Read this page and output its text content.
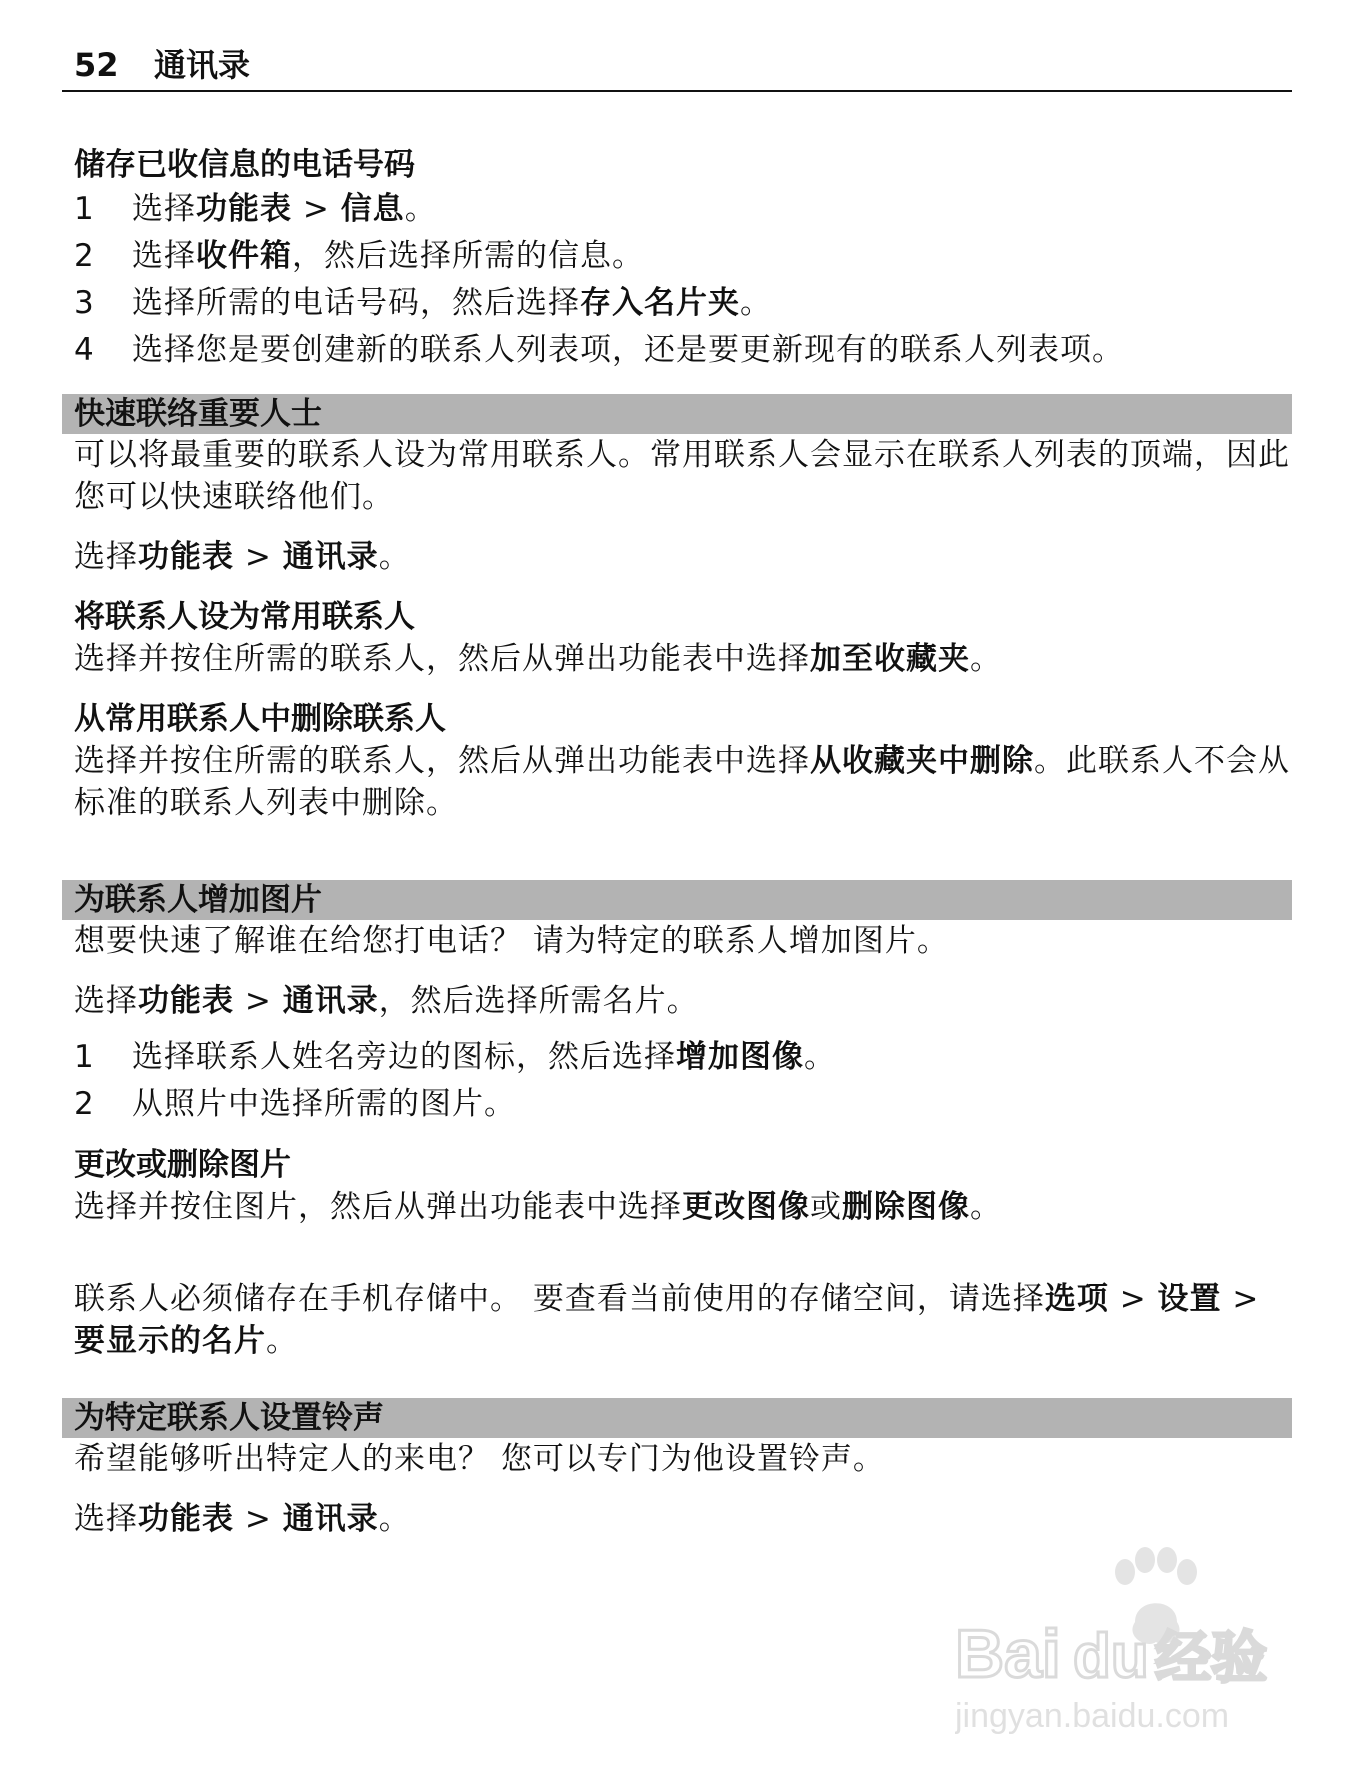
52	通讯录
储存已收信息的电话号码
1	选择功能表 > 信息。
2	选择收件箱，然后选择所需的信息。
3	选择所需的电话号码，然后选择存入名片夹。
4	选择您是要创建新的联系人列表项，还是要更新现有的联系人列表项。
快速联络重要人士
可以将最重要的联系人设为常用联系人。常用联系人会显示在联系人列表的顶端，因此您可以快速联络他们。
选择功能表 > 通讯录。
将联系人设为常用联系人
选择并按住所需的联系人，然后从弹出功能表中选择加至收藏夹。
从常用联系人中删除联系人
选择并按住所需的联系人，然后从弹出功能表中选择从收藏夹中删除。此联系人不会从标准的联系人列表中删除。
为联系人增加图片
想要快速了解谁在给您打电话？ 请为特定的联系人增加图片。
选择功能表 > 通讯录，然后选择所需名片。
1	选择联系人姓名旁边的图标，然后选择增加图像。
2	从照片中选择所需的图片。
更改或删除图片
选择并按住图片，然后从弹出功能表中选择更改图像或删除图像。
联系人必须储存在手机存储中。 要查看当前使用的存储空间，请选择选项 > 设置 > 要显示的名片。
为特定联系人设置铃声
希望能够听出特定人的来电？ 您可以专门为他设置铃声。
选择功能表 > 通讯录。
Bai du 经验
jingyan.baidu.com
